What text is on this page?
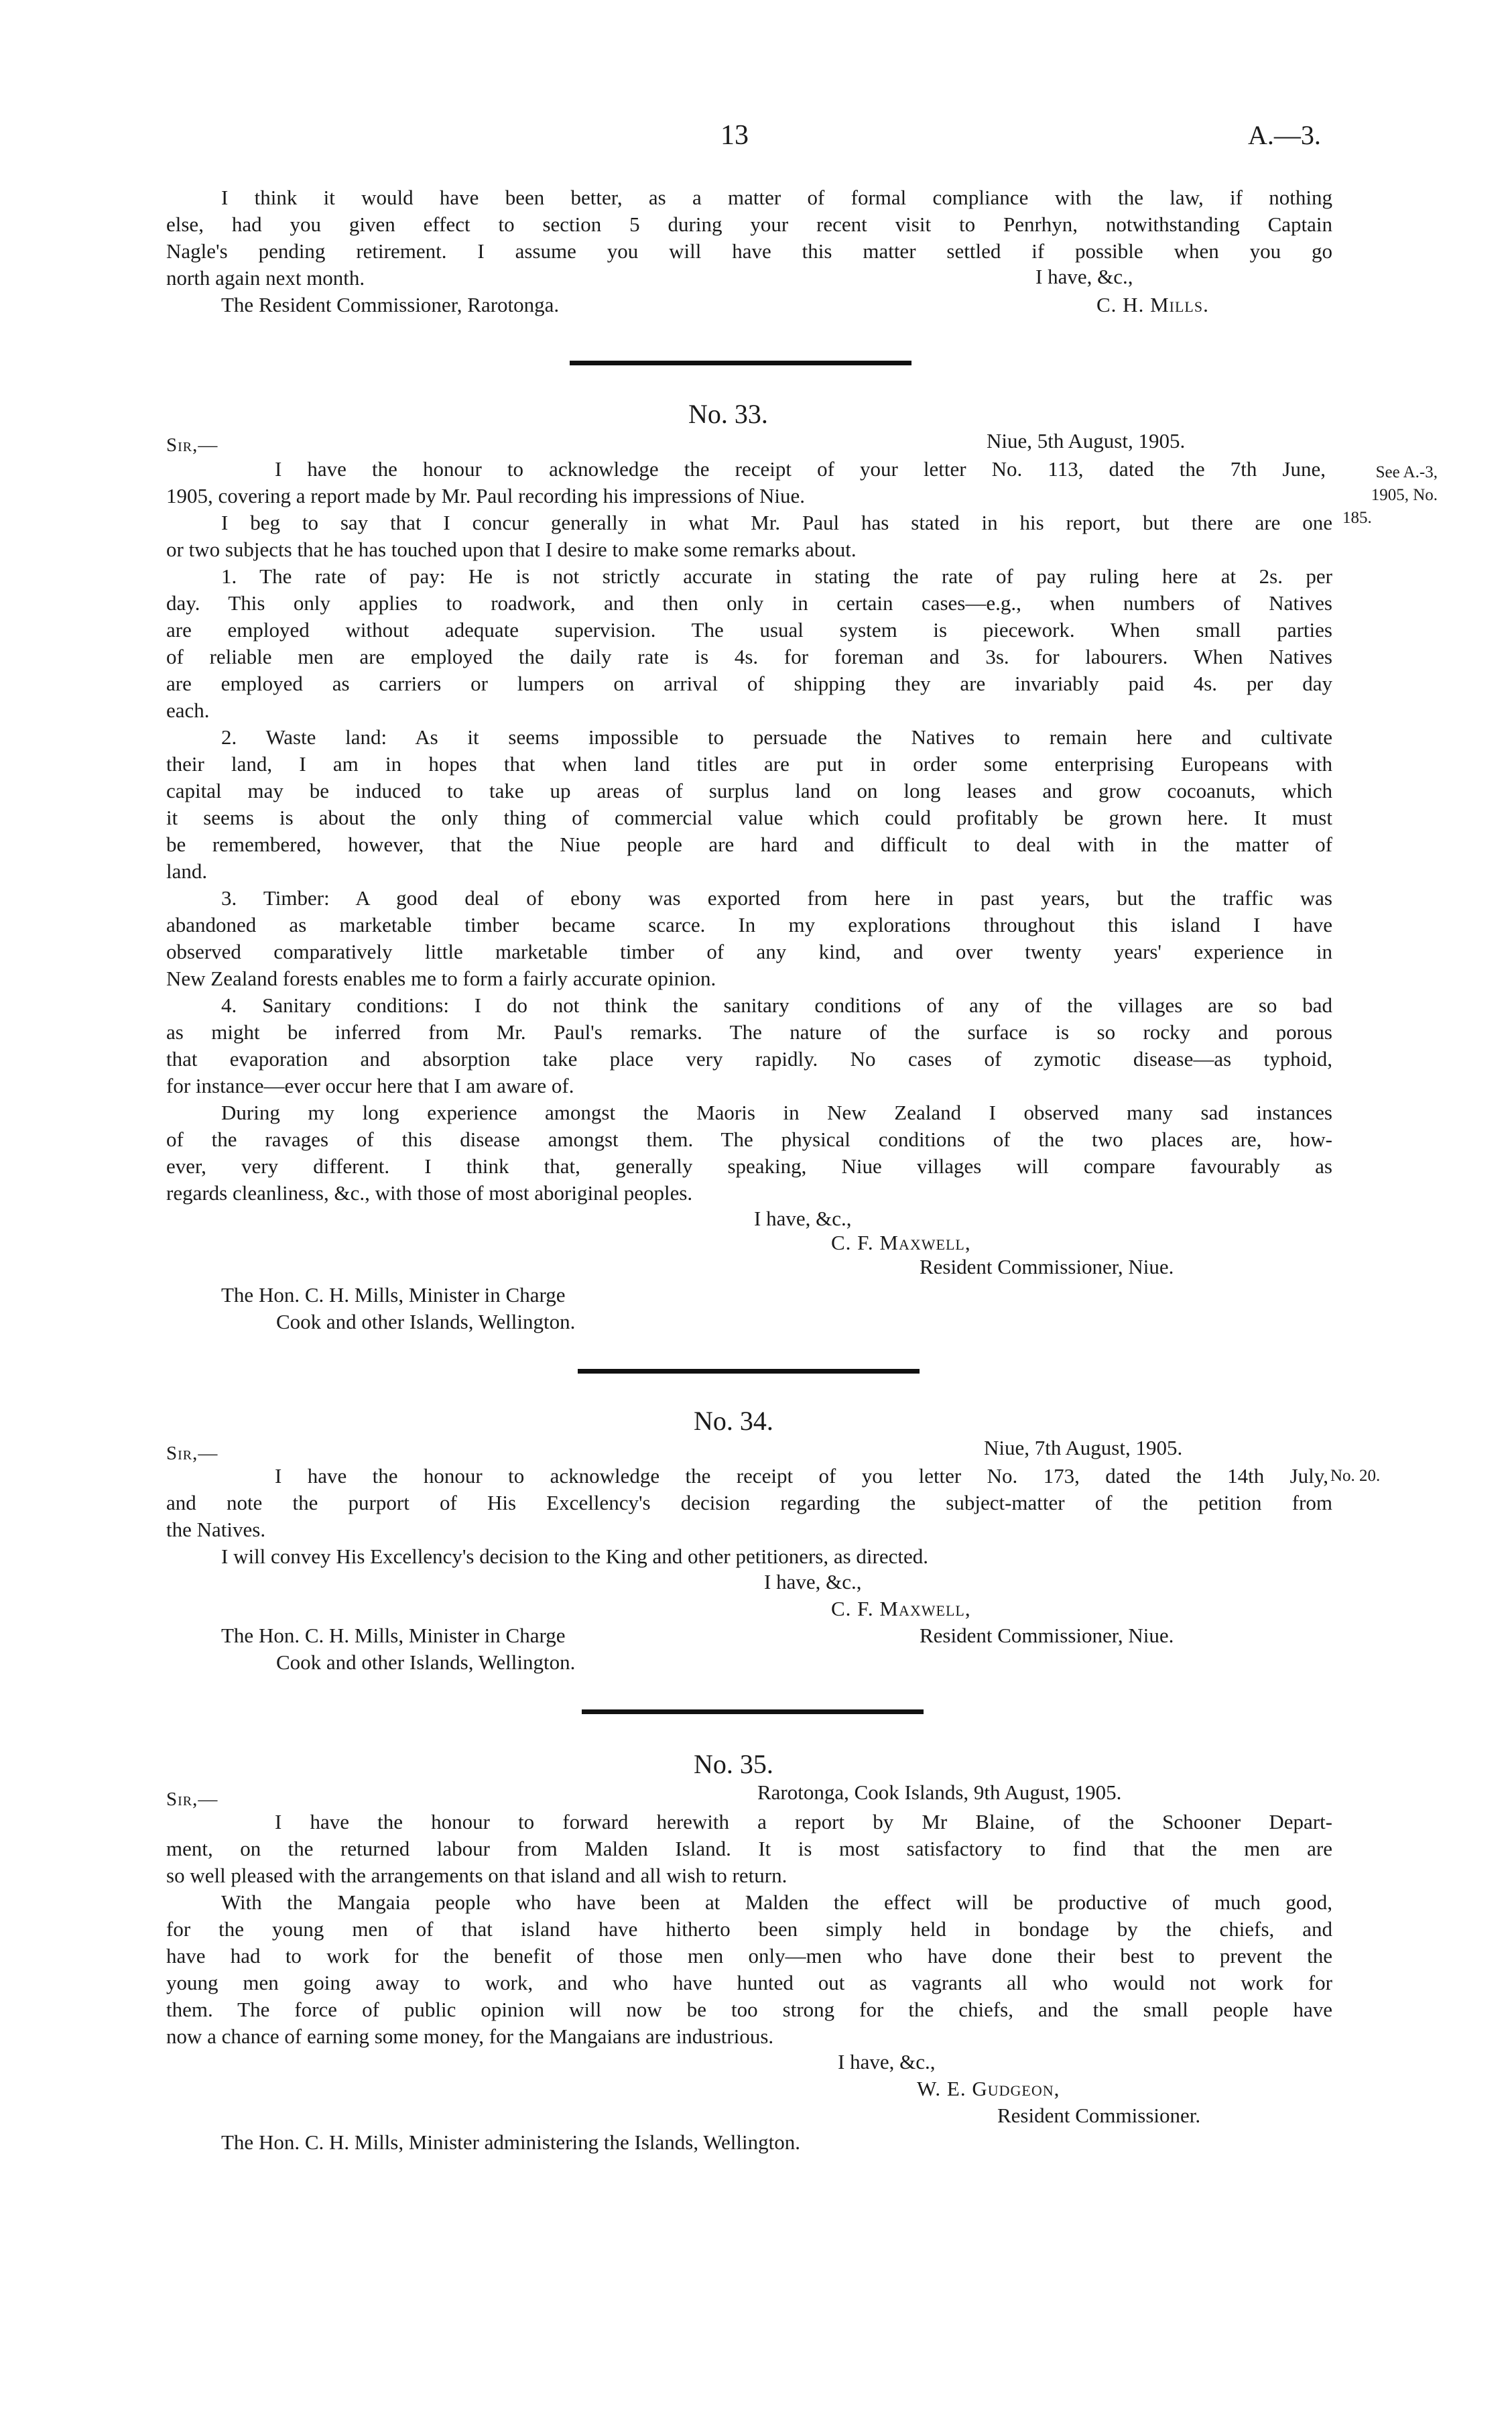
13	A.—3.
I think it would have been better, as a matter of formal compliance with the law, if nothing
else, had you given effect to section 5 during your recent visit to Penrhyn, notwithstanding Captain
Nagle's pending retirement. I assume you will have this matter settled if possible when you go
north again next month.	I have, &c.,
The Resident Commissioner, Rarotonga.	C. H. Mills.
No. 33.
Sir,—	Niue, 5th August, 1905.
See A.-3,
1905, No.
185.
I have the honour to acknowledge the receipt of your letter No. 113, dated the 7th June,
1905, covering a report made by Mr. Paul recording his impressions of Niue.
I beg to say that I concur generally in what Mr. Paul has stated in his report, but there are one
or two subjects that he has touched upon that I desire to make some remarks about.
1. The rate of pay: He is not strictly accurate in stating the rate of pay ruling here at 2s. per
day. This only applies to roadwork, and then only in certain cases—e.g., when numbers of Natives
are employed without adequate supervision. The usual system is piecework. When small parties
of reliable men are employed the daily rate is 4s. for foreman and 3s. for labourers. When Natives
are employed as carriers or lumpers on arrival of shipping they are invariably paid 4s. per day
each.
2. Waste land: As it seems impossible to persuade the Natives to remain here and cultivate
their land, I am in hopes that when land titles are put in order some enterprising Europeans with
capital may be induced to take up areas of surplus land on long leases and grow cocoanuts, which
it seems is about the only thing of commercial value which could profitably be grown here. It must
be remembered, however, that the Niue people are hard and difficult to deal with in the matter of
land.
3. Timber: A good deal of ebony was exported from here in past years, but the traffic was
abandoned as marketable timber became scarce. In my explorations throughout this island I have
observed comparatively little marketable timber of any kind, and over twenty years' experience in
New Zealand forests enables me to form a fairly accurate opinion.
4. Sanitary conditions: I do not think the sanitary conditions of any of the villages are so bad
as might be inferred from Mr. Paul's remarks. The nature of the surface is so rocky and porous
that evaporation and absorption take place very rapidly. No cases of zymotic disease—as typhoid,
for instance—ever occur here that I am aware of.
During my long experience amongst the Maoris in New Zealand I observed many sad instances
of the ravages of this disease amongst them. The physical conditions of the two places are, how-
ever, very different. I think that, generally speaking, Niue villages will compare favourably as
regards cleanliness, &c., with those of most aboriginal peoples.
I have, &c.,
C. F. Maxwell,
Resident Commissioner, Niue.
The Hon. C. H. Mills, Minister in Charge
Cook and other Islands, Wellington.
No. 34.
Sir,—	Niue, 7th August, 1905.
No. 20.
I have the honour to acknowledge the receipt of you letter No. 173, dated the 14th July,
and note the purport of His Excellency's decision regarding the subject-matter of the petition from
the Natives.
I will convey His Excellency's decision to the King and other petitioners, as directed.
I have, &c.,
C. F. Maxwell,
The Hon. C. H. Mills, Minister in Charge	Resident Commissioner, Niue.
Cook and other Islands, Wellington.
No. 35.
Sir,—	Rarotonga, Cook Islands, 9th August, 1905.
I have the honour to forward herewith a report by Mr Blaine, of the Schooner Depart-
ment, on the returned labour from Malden Island. It is most satisfactory to find that the men are
so well pleased with the arrangements on that island and all wish to return.
With the Mangaia people who have been at Malden the effect will be productive of much good,
for the young men of that island have hitherto been simply held in bondage by the chiefs, and
have had to work for the benefit of those men only—men who have done their best to prevent the
young men going away to work, and who have hunted out as vagrants all who would not work for
them. The force of public opinion will now be too strong for the chiefs, and the small people have
now a chance of earning some money, for the Mangaians are industrious.
I have, &c.,
W. E. Gudgeon,
Resident Commissioner.
The Hon. C. H. Mills, Minister administering the Islands, Wellington.
